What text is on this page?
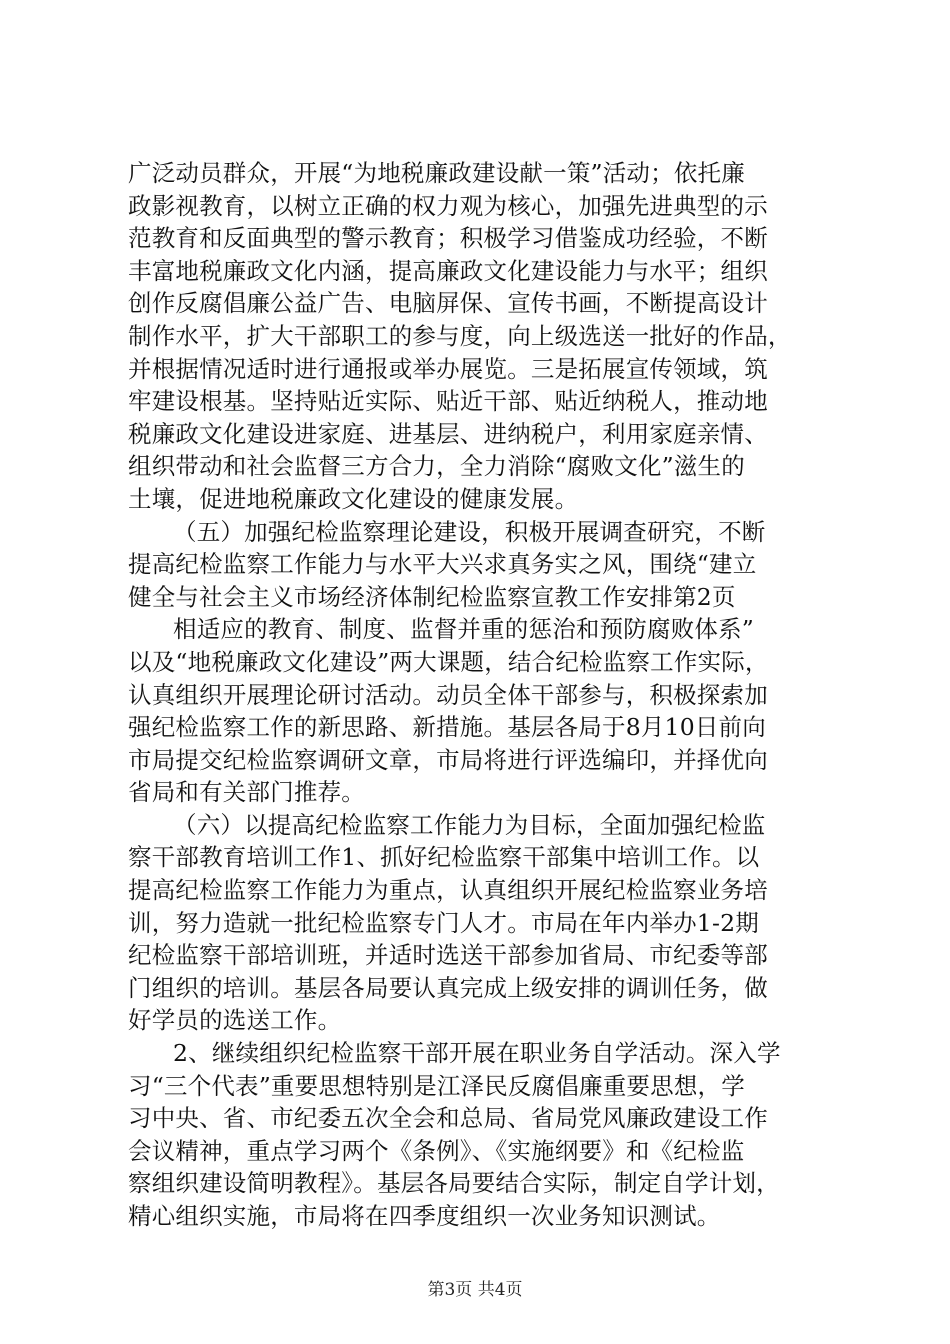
广泛动员群众，开展“为地税廉政建设献一策”活动；依托廉
政影视教育，以树立正确的权力观为核心，加强先进典型的示
范教育和反面典型的警示教育；积极学习借鉴成功经验，不断
丰富地税廉政文化内涵，提高廉政文化建设能力与水平；组织
创作反腐倡廉公益广告、电脑屏保、宣传书画，不断提高设计
制作水平，扩大干部职工的参与度，向上级选送一批好的作品，
并根据情况适时进行通报或举办展览。三是拓展宣传领域，筑
牢建设根基。坚持贴近实际、贴近干部、贴近纳税人，推动地
税廉政文化建设进家庭、进基层、进纳税户，利用家庭亲情、
组织带动和社会监督三方合力，全力消除“腐败文化”滋生的
土壤，促进地税廉政文化建设的健康发展。
（五）加强纪检监察理论建设，积极开展调查研究，不断
提高纪检监察工作能力与水平大兴求真务实之风，围绕“建立
健全与社会主义市场经济体制纪检监察宣教工作安排第2页
相适应的教育、制度、监督并重的惩治和预防腐败体系”
以及“地税廉政文化建设”两大课题，结合纪检监察工作实际，
认真组织开展理论研讨活动。动员全体干部参与，积极探索加
强纪检监察工作的新思路、新措施。基层各局于8月10日前向
市局提交纪检监察调研文章，市局将进行评选编印，并择优向
省局和有关部门推荐。
（六）以提高纪检监察工作能力为目标，全面加强纪检监
察干部教育培训工作1、抓好纪检监察干部集中培训工作。以
提高纪检监察工作能力为重点，认真组织开展纪检监察业务培
训，努力造就一批纪检监察专门人才。市局在年内举办1-2期
纪检监察干部培训班，并适时选送干部参加省局、市纪委等部
门组织的培训。基层各局要认真完成上级安排的调训任务，做
好学员的选送工作。
2、继续组织纪检监察干部开展在职业务自学活动。深入学
习“三个代表”重要思想特别是江泽民反腐倡廉重要思想，学
习中央、省、市纪委五次全会和总局、省局党风廉政建设工作
会议精神，重点学习两个《条例》、《实施纲要》和《纪检监
察组织建设简明教程》。基层各局要结合实际，制定自学计划，
精心组织实施，市局将在四季度组织一次业务知识测试。
第3页 共4页
